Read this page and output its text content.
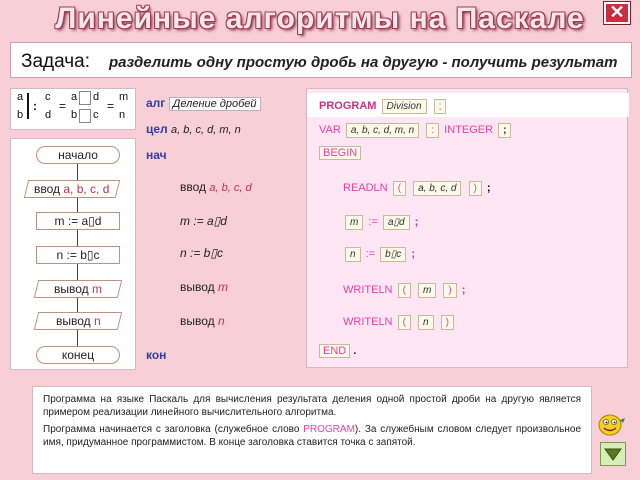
Линейные алгоритмы на Паскале	✕
Задача: разделить одну простую дробь на другую - получить результат
a
b
:
c
d
=
a d
b c
=
m
n
начало
ввод a, b, c, d
m := a▯d
n := b▯c
вывод m
вывод n
конец
алг Деление дробей
цел a, b, c, d, m, n
нач
ввод a, b, c, d
m := a▯d
n := b▯c
вывод m
вывод n
кон
PROGRAM Division ;
VAR a, b, c, d, m, n : INTEGER ;
BEGIN
READLN ( a, b, c, d ) ;
m := a▯d ;
n := b▯c ;
WRITELN ( m ) ;
WRITELN ( n )
END .

Программа на языке Паскаль для вычисления результата деления одной простой дроби на другую является примером реализации линейного вычислительного алгоритма.

Программа начинается с заголовка (служебное слово PROGRAM). За служебным словом следует произвольное имя, придуманное программистом. В конце заголовка ставится точка с запятой.
